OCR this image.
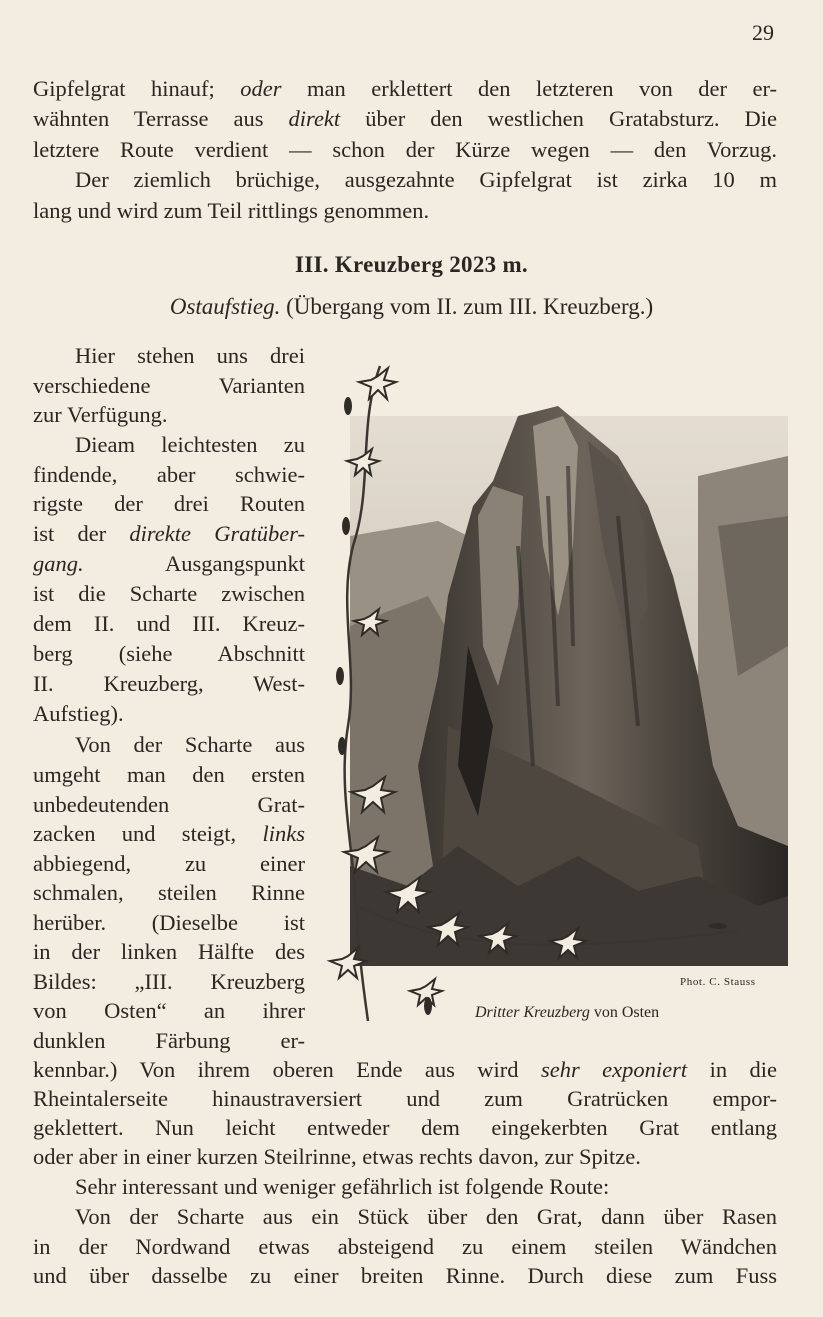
29
Gipfelgrat hinauf; oder man erklettert den letzteren von der er-
wähnten Terrasse aus direkt über den westlichen Gratabsturz. Die
letztere Route verdient — schon der Kürze wegen — den Vorzug.
Der ziemlich brüchige, ausgezahnte Gipfelgrat ist zirka 10 m
lang und wird zum Teil rittlings genommen.
III. Kreuzberg 2023 m.
Ostaufstieg. (Übergang vom II. zum III. Kreuzberg.)
Hier stehen uns drei
verschiedene Varianten
zur Verfügung.
Dieam leichtesten zu
findende, aber schwie-
rigste der drei Routen
ist der direkte Gratüber-
gang.	Ausgangspunkt
ist die Scharte zwischen
dem II. und III. Kreuz-
berg (siehe Abschnitt
II. Kreuzberg, West-
Aufstieg).
Von der Scharte aus
umgeht man den ersten
unbedeutenden Grat-
zacken und steigt, links
abbiegend, zu einer
schmalen, steilen Rinne
herüber. (Dieselbe ist
in der linken Hälfte des
Bildes: „III. Kreuzberg
von Osten“ an ihrer
dunklen Färbung er-
kennbar.) Von ihrem oberen Ende aus wird sehr exponiert in die
Rheintalerseite hinaustraversiert und zum Gratrücken empor-
geklettert. Nun leicht entweder dem eingekerbten Grat entlang
oder aber in einer kurzen Steilrinne, etwas rechts davon, zur Spitze.
Sehr interessant und weniger gefährlich ist folgende Route:
Von der Scharte aus ein Stück über den Grat, dann über Rasen
in der Nordwand etwas absteigend zu einem steilen Wändchen
und über dasselbe zu einer breiten Rinne. Durch diese zum Fuss
Phot. C. Stauss
Dritter Kreuzberg von Osten
